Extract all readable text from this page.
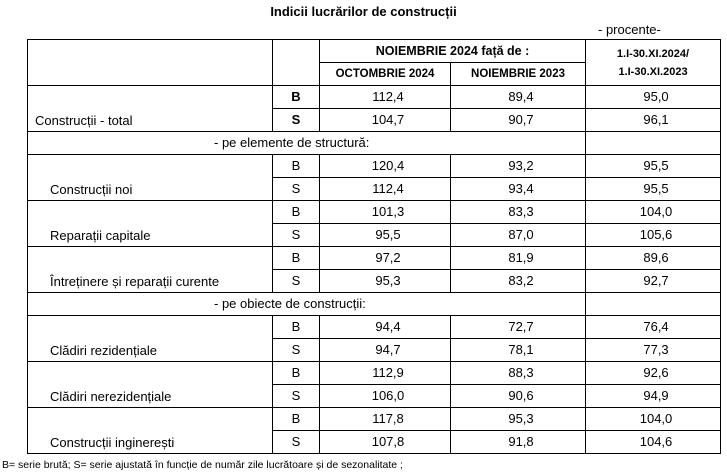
Indicii lucrărilor de construcții
- procente-
		NOIEMBRIE 2024 față de :		1.I-30.XI.2024/
1.I-30.XI.2023

		OCTOMBRIE 2024	NOIEMBRIE 2023	
Construcții - total	B	112,4	89,4	95,0
	S	104,7	90,7	96,1
- pe elemente de structură:				
Construcții noi	B	120,4	93,2	95,5
	S	112,4	93,4	95,5
Reparații capitale	B	101,3	83,3	104,0
	S	95,5	87,0	105,6
Întreținere și reparații curente	B	97,2	81,9	89,6
	S	95,3	83,2	92,7
- pe obiecte de construcții:				
Clădiri rezidențiale	B	94,4	72,7	76,4
	S	94,7	78,1	77,3
Clădiri nerezidențiale	B	112,9	88,3	92,6
	S	106,0	90,6	94,9
Construcții inginerești	B	117,8	95,3	104,0
	S	107,8	91,8	104,6
B= serie brută; S= serie ajustată în funcție de număr zile lucrătoare și de sezonalitate ;
